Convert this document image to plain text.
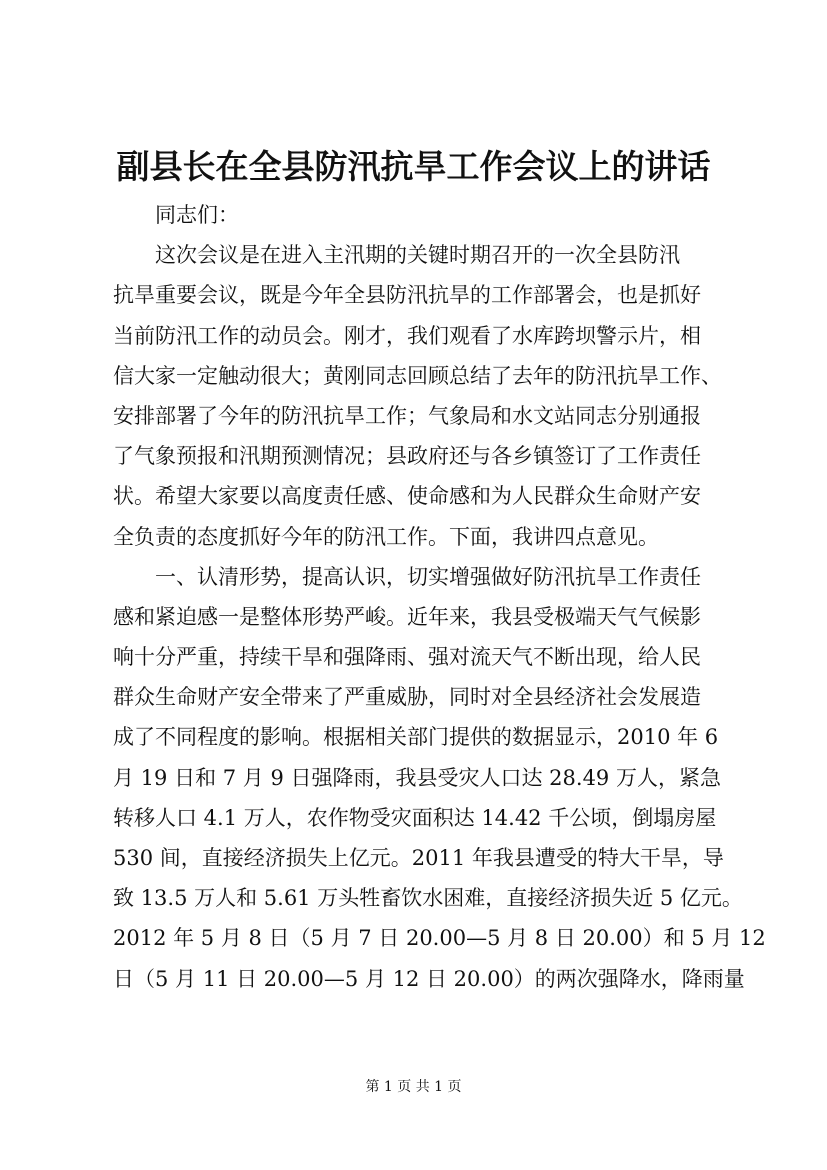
副县长在全县防汛抗旱工作会议上的讲话
同志们：
这次会议是在进入主汛期的关键时期召开的一次全县防汛
抗旱重要会议，既是今年全县防汛抗旱的工作部署会，也是抓好
当前防汛工作的动员会。刚才，我们观看了水库跨坝警示片，相
信大家一定触动很大；黄刚同志回顾总结了去年的防汛抗旱工作、
安排部署了今年的防汛抗旱工作；气象局和水文站同志分别通报
了气象预报和汛期预测情况；县政府还与各乡镇签订了工作责任
状。希望大家要以高度责任感、使命感和为人民群众生命财产安
全负责的态度抓好今年的防汛工作。下面，我讲四点意见。
一、认清形势，提高认识，切实增强做好防汛抗旱工作责任
感和紧迫感一是整体形势严峻。近年来，我县受极端天气气候影
响十分严重，持续干旱和强降雨、强对流天气不断出现，给人民
群众生命财产安全带来了严重威胁，同时对全县经济社会发展造
成了不同程度的影响。根据相关部门提供的数据显示，2010 年 6
月 19 日和 7 月 9 日强降雨，我县受灾人口达 28.49 万人，紧急
转移人口 4.1 万人，农作物受灾面积达 14.42 千公顷，倒塌房屋
530 间，直接经济损失上亿元。2011 年我县遭受的特大干旱，导
致 13.5 万人和 5.61 万头牲畜饮水困难，直接经济损失近 5 亿元。
2012 年 5 月 8 日（5 月 7 日 20.00—5 月 8 日 20.00）和 5 月 12
日（5 月 11 日 20.00—5 月 12 日 20.00）的两次强降水，降雨量
第 1 页 共 1 页
